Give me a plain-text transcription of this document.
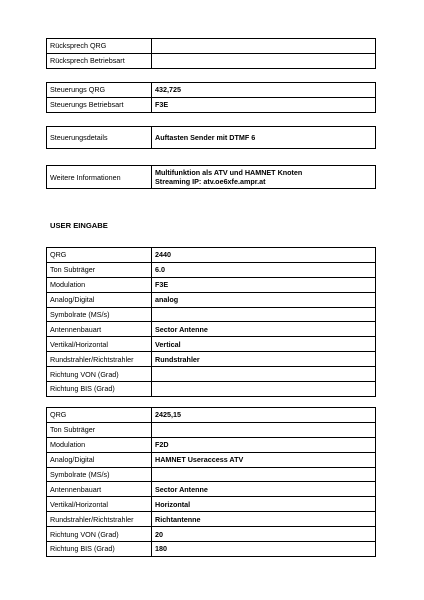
Rücksprech QRG	
Rücksprech Betriebsart	
Steuerungs QRG	432,725
Steuerungs Betriebsart	F3E
Steuerungsdetails	Auftasten Sender mit DTMF 6
Weitere Informationen	Multifunktion als ATV und HAMNET Knoten
Streaming IP: atv.oe6xfe.ampr.at
USER EINGABE
QRG	2440
Ton Subträger	6.0
Modulation	F3E
Analog/Digital	analog
Symbolrate (MS/s)	
Antennenbauart	Sector Antenne
Vertikal/Horizontal	Vertical
Rundstrahler/Richtstrahler	Rundstrahler
Richtung VON (Grad)	
Richtung BIS (Grad)	
QRG	2425,15
Ton Subträger	
Modulation	F2D
Analog/Digital	HAMNET Useraccess ATV
Symbolrate (MS/s)	
Antennenbauart	Sector Antenne
Vertikal/Horizontal	Horizontal
Rundstrahler/Richtstrahler	Richtantenne
Richtung VON (Grad)	20
Richtung BIS (Grad)	180
